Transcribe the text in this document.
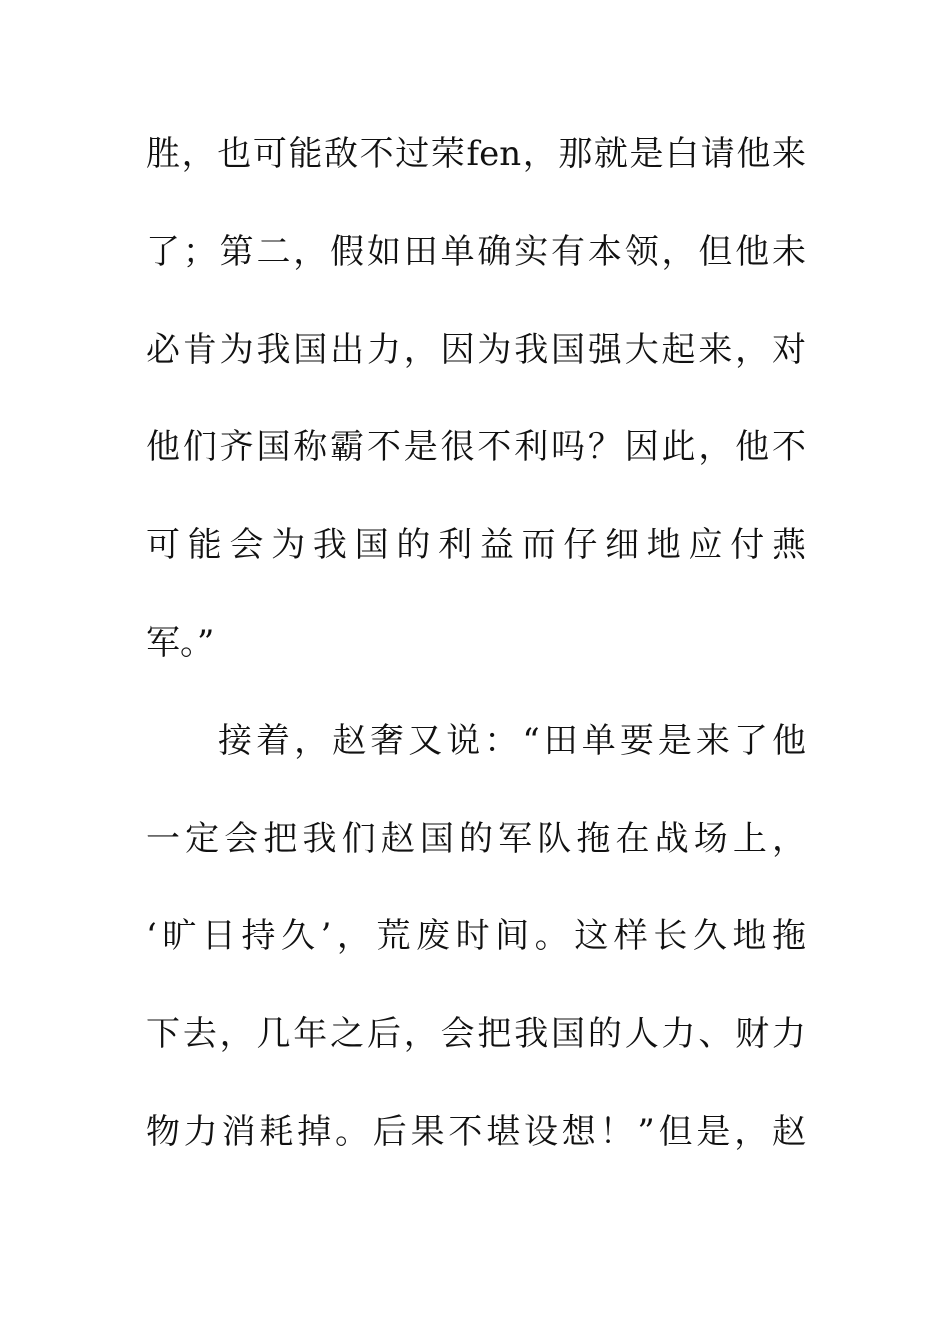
胜，也可能敌不过荣fen，那就是白请他来
了；第二，假如田单确实有本领，但他未
必肯为我国出力，因为我国强大起来，对
他们齐国称霸不是很不利吗？因此，他不
可能会为我国的利益而仔细地应付燕
军。”
接着，赵奢又说：“田单要是来了他
一定会把我们赵国的军队拖在战场上，
‘旷日持久’，荒废时间。这样长久地拖
下去，几年之后，会把我国的人力、财力
物力消耗掉。后果不堪设想！”但是，赵
